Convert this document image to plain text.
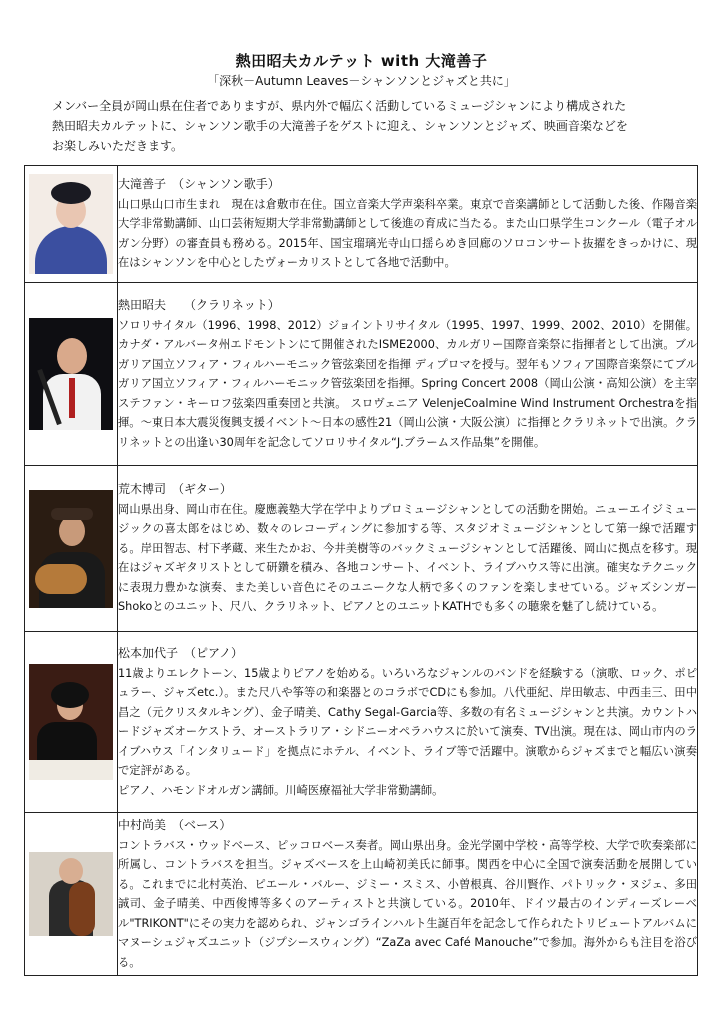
熱田昭夫カルテット with 大滝善子
「深秋－Autumn Leaves－シャンソンとジャズと共に」

メンバー全員が岡山県在住者でありますが、県内外で幅広く活動しているミュージシャンにより構成された

熱田昭夫カルテットに、シャンソン歌手の大滝善子をゲストに迎え、シャンソンとジャズ、映画音楽などを

お楽しみいただきます。

	大滝善子　（シャンソン歌手）

山口県山口市生まれ　現在は倉敷市在住。国立音楽大学声楽科卒業。東京で音楽講師として活動した後、作陽音楽大学非常勤講師、山口芸術短期大学非常勤講師として後進の育成に当たる。また山口県学生コンクール（電子オルガン分野）の審査員も務める。2015年、国宝瑠璃光寺山口揺らめき回廊のソロコンサート抜擢をきっかけに、現在はシャンソンを中心としたヴォーカリストとして各地で活動中。

	熱田昭夫　　（クラリネット）

ソロリサイタル（1996、1998、2012）ジョイントリサイタル（1995、1997、1999、2002、2010）を開催。カナダ・アルバータ州エドモントンにて開催されたISME2000、カルガリー国際音楽祭に指揮者として出演。ブルガリア国立ソフィア・フィルハーモニック管弦楽団を指揮 ディプロマを授与。翌年もソフィア国際音楽祭にてブルガリア国立ソフィア・フィルハーモニック管弦楽団を指揮。Spring Concert 2008（岡山公演・高知公演）を主宰 ステファン・キーロフ弦楽四重奏団と共演。 スロヴェニア VelenjeCoalmine Wind Instrument Orchestraを指揮。～東日本大震災復興支援イベント～日本の感性21（岡山公演・大阪公演）に指揮とクラリネットで出演。クラリネットとの出逢い30周年を記念してソロリサイタル“J.ブラームス作品集”を開催。

	荒木博司　（ギター）

岡山県出身、岡山市在住。慶應義塾大学在学中よりプロミュージシャンとしての活動を開始。ニューエイジミュージックの喜太郎をはじめ、数々のレコーディングに参加する等、スタジオミュージシャンとして第一線で活躍する。岸田智志、村下孝蔵、来生たかお、今井美樹等のバックミュージシャンとして活躍後、岡山に拠点を移す。現在はジャズギタリストとして研鑽を積み、各地コンサート、イベント、ライブハウス等に出演。確実なテクニックに表現力豊かな演奏、また美しい音色にそのユニークな人柄で多くのファンを楽しませている。ジャズシンガーShokoとのユニット、尺八、クラリネット、ピアノとのユニットKATHでも多くの聴衆を魅了し続けている。

	松本加代子　（ピアノ）

11歳よりエレクトーン、15歳よりピアノを始める。いろいろなジャンルのバンドを経験する（演歌、ロック、ポピュラー、ジャズetc.）。また尺八や筝等の和楽器とのコラボでCDにも参加。八代亜紀、岸田敏志、中西圭三、田中昌之（元クリスタルキング）、金子晴美、Cathy Segal-Garcia等、多数の有名ミュージシャンと共演。カウントハードジャズオーケストラ、オーストラリア・シドニーオペラハウスに於いて演奏、TV出演。現在は、岡山市内のライブハウス「インタリュード」を拠点にホテル、イベント、ライブ等で活躍中。演歌からジャズまでと幅広い演奏で定評がある。

ピアノ、ハモンドオルガン講師。川崎医療福祉大学非常勤講師。

	中村尚美　（ベース）

コントラバス・ウッドベース、ピッコロベース奏者。岡山県出身。金光学園中学校・高等学校、大学で吹奏楽部に所属し、コントラバスを担当。ジャズベースを上山崎初美氏に師事。関西を中心に全国で演奏活動を展開している。これまでに北村英治、ピエール・バルー、ジミー・スミス、小曽根真、谷川賢作、パトリック・ヌジェ、多田誠司、金子晴美、中西俊博等多くのアーティストと共演している。2010年、ドイツ最古のインディーズレーベル"TRIKONT"にその実力を認められ、ジャンゴラインハルト生誕百年を記念して作られたトリビュートアルバムにマヌーシュジャズユニット（ジプシースウィング）“ZaZa avec Café Manouche”で参加。海外からも注目を浴びる。
